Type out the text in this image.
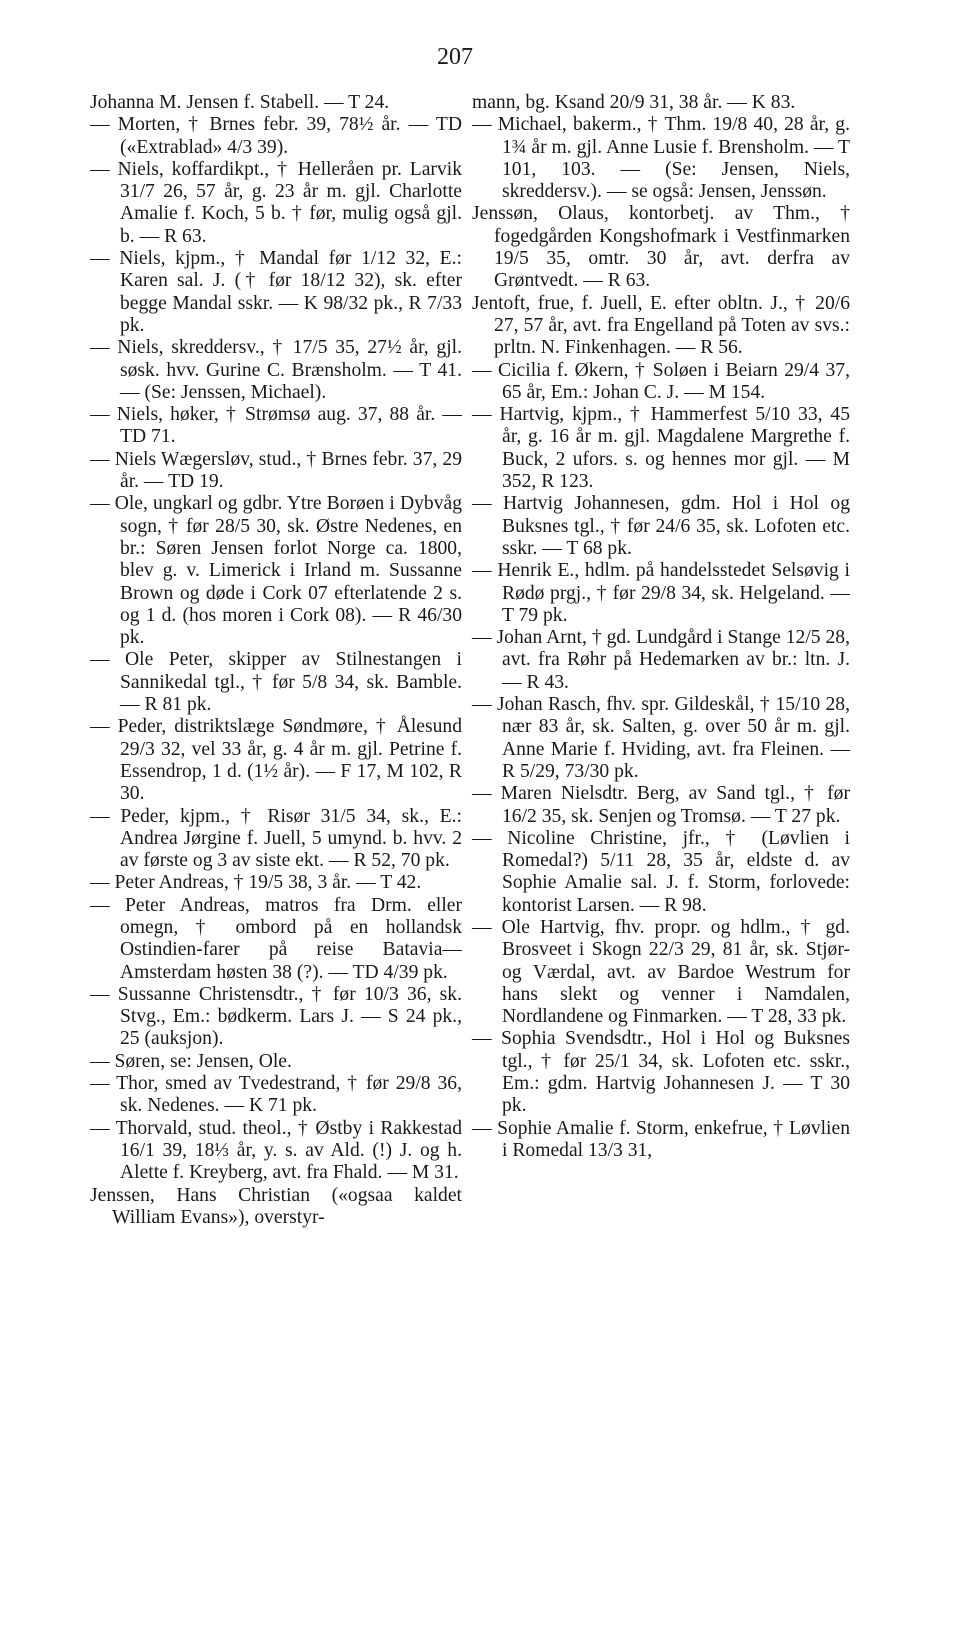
207

Johanna M. Jensen f. Stabell. — T 24.

— Morten, † Brnes febr. 39, 78½ år. — TD («Extrablad» 4/3 39).

— Niels, koffardikpt., † Helleråen pr. Larvik 31/7 26, 57 år, g. 23 år m. gjl. Charlotte Amalie f. Koch, 5 b. † før, mulig også gjl. b. — R 63.

— Niels, kjpm., † Mandal før 1/12 32, E.: Karen sal. J. († før 18/12 32), sk. efter begge Mandal sskr. — K 98/32 pk., R 7/33 pk.

— Niels, skreddersv., † 17/5 35, 27½ år, gjl. søsk. hvv. Gurine C. Brænsholm. — T 41. — (Se: Jenssen, Michael).

— Niels, høker, † Strømsø aug. 37, 88 år. — TD 71.

— Niels Wægersløv, stud., † Brnes febr. 37, 29 år. — TD 19.

— Ole, ungkarl og gdbr. Ytre Borøen i Dybvåg sogn, † før 28/5 30, sk. Østre Nedenes, en br.: Søren Jensen forlot Norge ca. 1800, blev g. v. Limerick i Irland m. Sussanne Brown og døde i Cork 07 efterlatende 2 s. og 1 d. (hos moren i Cork 08). — R 46/30 pk.

— Ole Peter, skipper av Stilnestangen i Sannikedal tgl., † før 5/8 34, sk. Bamble. — R 81 pk.

— Peder, distriktslæge Søndmøre, † Ålesund 29/3 32, vel 33 år, g. 4 år m. gjl. Petrine f. Essendrop, 1 d. (1½ år). — F 17, M 102, R 30.

— Peder, kjpm., † Risør 31/5 34, sk., E.: Andrea Jørgine f. Juell, 5 umynd. b. hvv. 2 av første og 3 av siste ekt. — R 52, 70 pk.

— Peter Andreas, † 19/5 38, 3 år. — T 42.

— Peter Andreas, matros fra Drm. eller omegn, † ombord på en hollandsk Ostindien-farer på reise Batavia—Amsterdam høsten 38 (?). — TD 4/39 pk.

— Sussanne Christensdtr., † før 10/3 36, sk. Stvg., Em.: bødkerm. Lars J. — S 24 pk., 25 (auksjon).

— Søren, se: Jensen, Ole.

— Thor, smed av Tvedestrand, † før 29/8 36, sk. Nedenes. — K 71 pk.

— Thorvald, stud. theol., † Østby i Rakkestad 16/1 39, 18⅓ år, y. s. av Ald. (!) J. og h. Alette f. Kreyberg, avt. fra Fhald. — M 31.

Jenssen, Hans Christian («ogsaa kaldet William Evans»), overstyr-

mann, bg. Ksand 20/9 31, 38 år. — K 83.

— Michael, bakerm., † Thm. 19/8 40, 28 år, g. 1¾ år m. gjl. Anne Lusie f. Brensholm. — T 101, 103. — (Se: Jensen, Niels, skreddersv.). — se også: Jensen, Jenssøn.

Jenssøn, Olaus, kontorbetj. av Thm., † fogedgården Kongshofmark i Vestfinmarken 19/5 35, omtr. 30 år, avt. derfra av Grøntvedt. — R 63.

Jentoft, frue, f. Juell, E. efter obltn. J., † 20/6 27, 57 år, avt. fra Engelland på Toten av svs.: prltn. N. Finkenhagen. — R 56.

— Cicilia f. Økern, † Soløen i Beiarn 29/4 37, 65 år, Em.: Johan C. J. — M 154.

— Hartvig, kjpm., † Hammerfest 5/10 33, 45 år, g. 16 år m. gjl. Magdalene Margrethe f. Buck, 2 ufors. s. og hennes mor gjl. — M 352, R 123.

— Hartvig Johannesen, gdm. Hol i Hol og Buksnes tgl., † før 24/6 35, sk. Lofoten etc. sskr. — T 68 pk.

— Henrik E., hdlm. på handelsstedet Selsøvig i Rødø prgj., † før 29/8 34, sk. Helgeland. — T 79 pk.

— Johan Arnt, † gd. Lundgård i Stange 12/5 28, avt. fra Røhr på Hedemarken av br.: ltn. J. — R 43.

— Johan Rasch, fhv. spr. Gildeskål, † 15/10 28, nær 83 år, sk. Salten, g. over 50 år m. gjl. Anne Marie f. Hviding, avt. fra Fleinen. — R 5/29, 73/30 pk.

— Maren Nielsdtr. Berg, av Sand tgl., † før 16/2 35, sk. Senjen og Tromsø. — T 27 pk.

— Nicoline Christine, jfr., † (Løvlien i Romedal?) 5/11 28, 35 år, eldste d. av Sophie Amalie sal. J. f. Storm, forlovede: kontorist Larsen. — R 98.

— Ole Hartvig, fhv. propr. og hdlm., † gd. Brosveet i Skogn 22/3 29, 81 år, sk. Stjør- og Værdal, avt. av Bardoe Westrum for hans slekt og venner i Namdalen, Nordlandene og Finmarken. — T 28, 33 pk.

— Sophia Svendsdtr., Hol i Hol og Buksnes tgl., † før 25/1 34, sk. Lofoten etc. sskr., Em.: gdm. Hartvig Johannesen J. — T 30 pk.

— Sophie Amalie f. Storm, enkefrue, † Løvlien i Romedal 13/3 31,
